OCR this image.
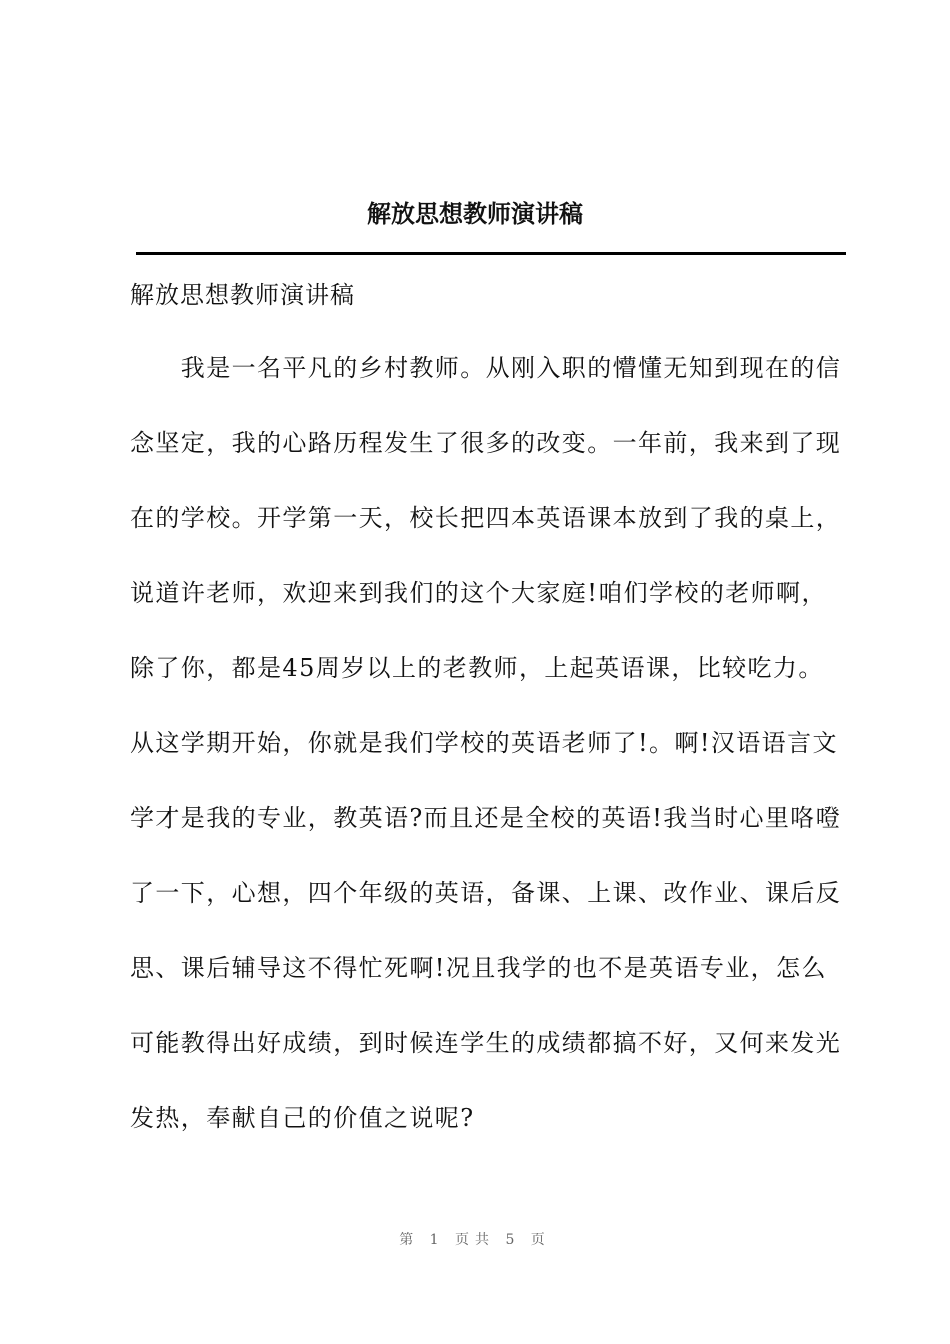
解放思想教师演讲稿
解放思想教师演讲稿
　　我是一名平凡的乡村教师。从刚入职的懵懂无知到现在的信
念坚定，我的心路历程发生了很多的改变。一年前，我来到了现
在的学校。开学第一天，校长把四本英语课本放到了我的桌上，
说道许老师，欢迎来到我们的这个大家庭!咱们学校的老师啊，
除了你，都是45周岁以上的老教师，上起英语课，比较吃力。
从这学期开始，你就是我们学校的英语老师了!。啊!汉语语言文
学才是我的专业，教英语?而且还是全校的英语!我当时心里咯噔
了一下，心想，四个年级的英语，备课、上课、改作业、课后反
思、课后辅导这不得忙死啊!况且我学的也不是英语专业，怎么
可能教得出好成绩，到时候连学生的成绩都搞不好，又何来发光
发热，奉献自己的价值之说呢?
第 1 页共 5 页
